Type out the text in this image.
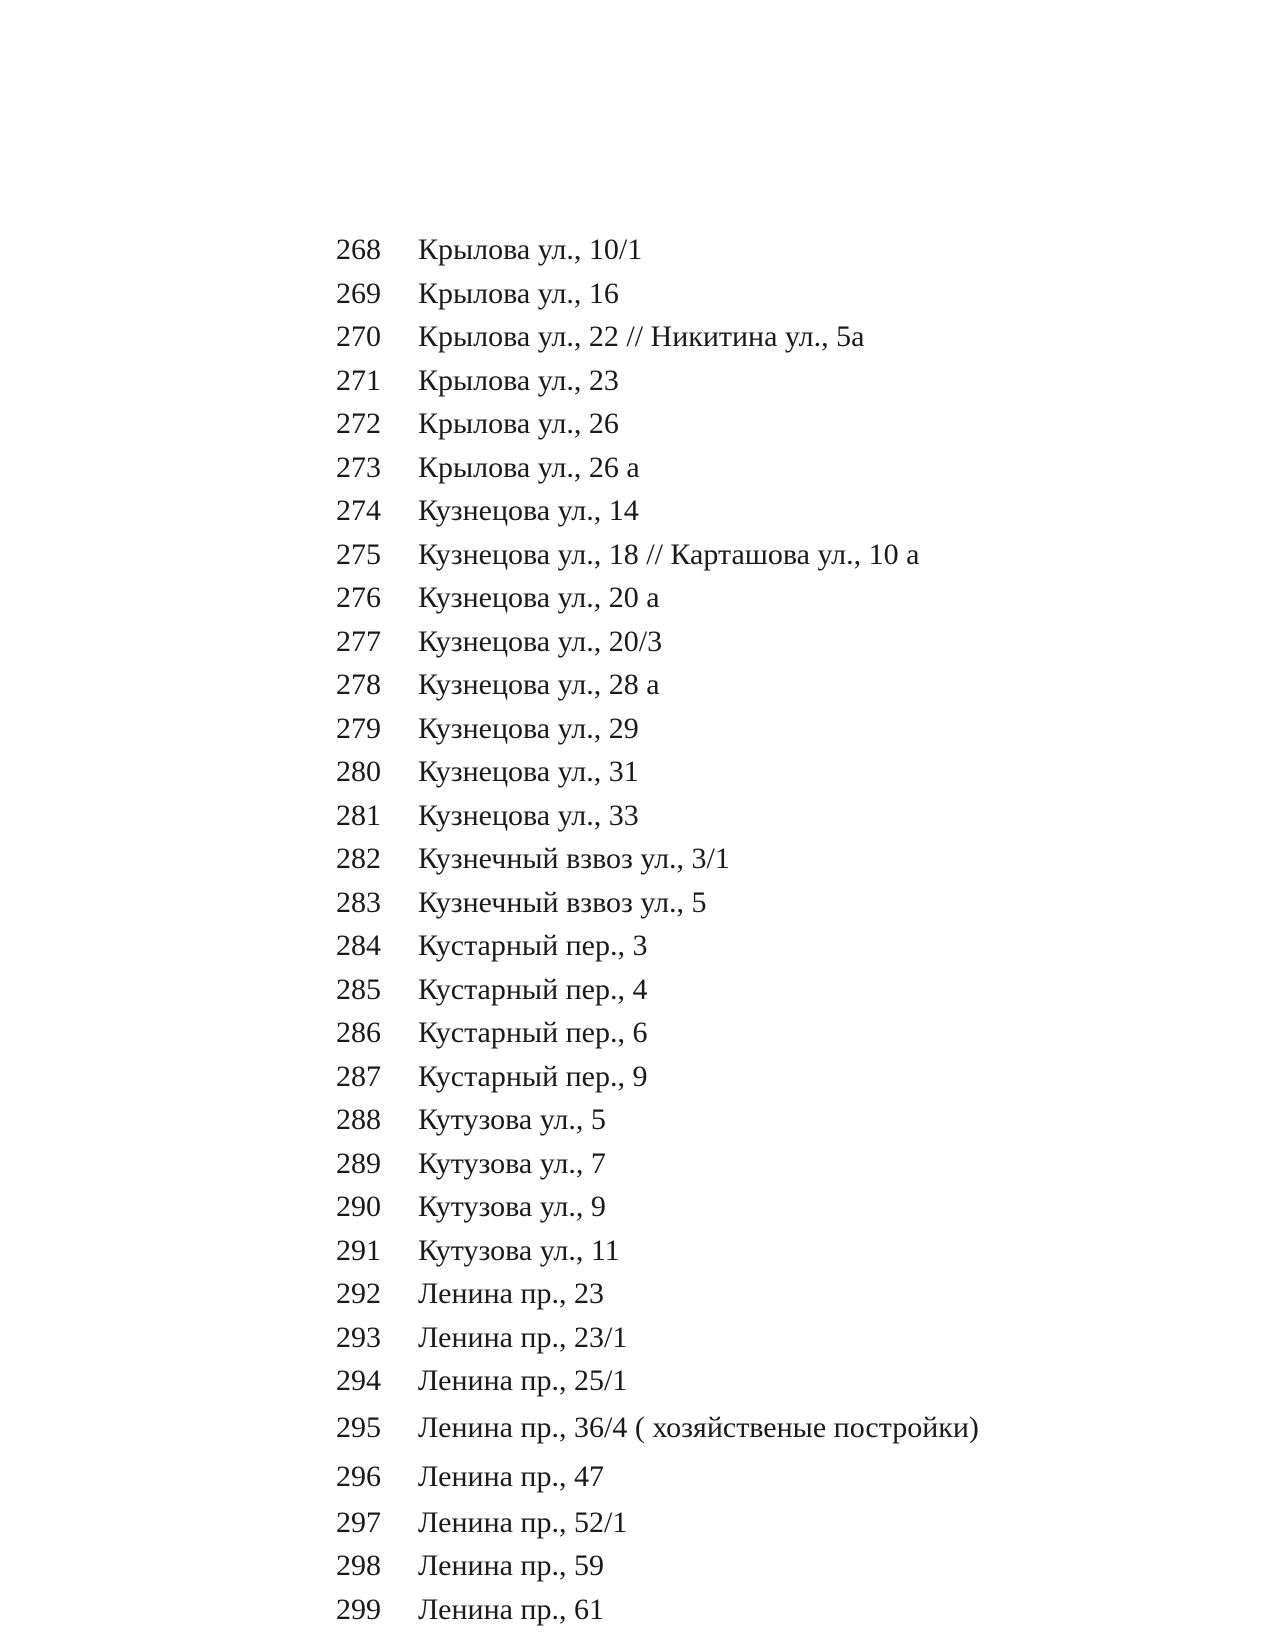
268	Крылова ул., 10/1
269	Крылова ул., 16
270	Крылова ул., 22 // Никитина ул., 5а
271	Крылова ул., 23
272	Крылова ул., 26
273	Крылова ул., 26 а
274	Кузнецова ул., 14
275	Кузнецова ул., 18 // Карташова ул., 10 а
276	Кузнецова ул., 20 а
277	Кузнецова ул., 20/3
278	Кузнецова ул., 28 а
279	Кузнецова ул., 29
280	Кузнецова ул., 31
281	Кузнецова ул., 33
282	Кузнечный взвоз ул., 3/1
283	Кузнечный взвоз ул., 5
284	Кустарный пер., 3
285	Кустарный пер., 4
286	Кустарный пер., 6
287	Кустарный пер., 9
288	Кутузова ул., 5
289	Кутузова ул., 7
290	Кутузова ул., 9
291	Кутузова ул., 11
292	Ленина пр., 23
293	Ленина пр., 23/1
294	Ленина пр., 25/1
295	Ленина пр., 36/4 ( хозяйственые постройки)
296	Ленина пр., 47
297	Ленина пр., 52/1
298	Ленина пр., 59
299	Ленина пр., 61
